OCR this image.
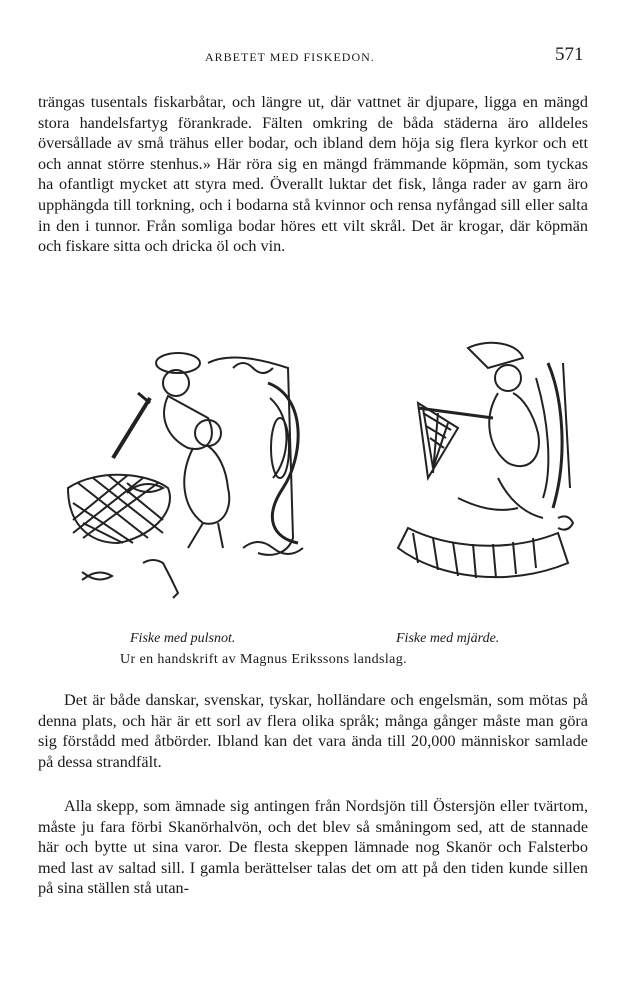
ARBETET MED FISKEDON.	571

trängas tusentals fiskarbåtar, och längre ut, där vattnet är djupare, ligga en mängd stora handelsfartyg förankrade. Fälten omkring de båda städerna äro alldeles översållade av små trähus eller bodar, och ibland dem höja sig flera kyrkor och ett och annat större stenhus.» Här röra sig en mängd främmande köpmän, som tyckas ha ofantligt mycket att styra med. Överallt luktar det fisk, långa rader av garn äro upphängda till torkning, och i bodarna stå kvinnor och rensa nyfångad sill eller salta in den i tunnor. Från somliga bodar höres ett vilt skrål. Det är krogar, där köpmän och fiskare sitta och dricka öl och vin.

Fiske med pulsnot.	Fiske med mjärde.
Ur en handskrift av Magnus Erikssons landslag.

Det är både danskar, svenskar, tyskar, holländare och engelsmän, som mötas på denna plats, och här är ett sorl av flera olika språk; många gånger måste man göra sig förstådd med åtbörder. Ibland kan det vara ända till 20,000 människor samlade på dessa strandfält.

Alla skepp, som ämnade sig antingen från Nordsjön till Östersjön eller tvärtom, måste ju fara förbi Skanörhalvön, och det blev så småningom sed, att de stannade här och bytte ut sina varor. De flesta skeppen lämnade nog Skanör och Falsterbo med last av saltad sill. I gamla berättelser talas det om att på den tiden kunde sillen på sina ställen stå utan-
